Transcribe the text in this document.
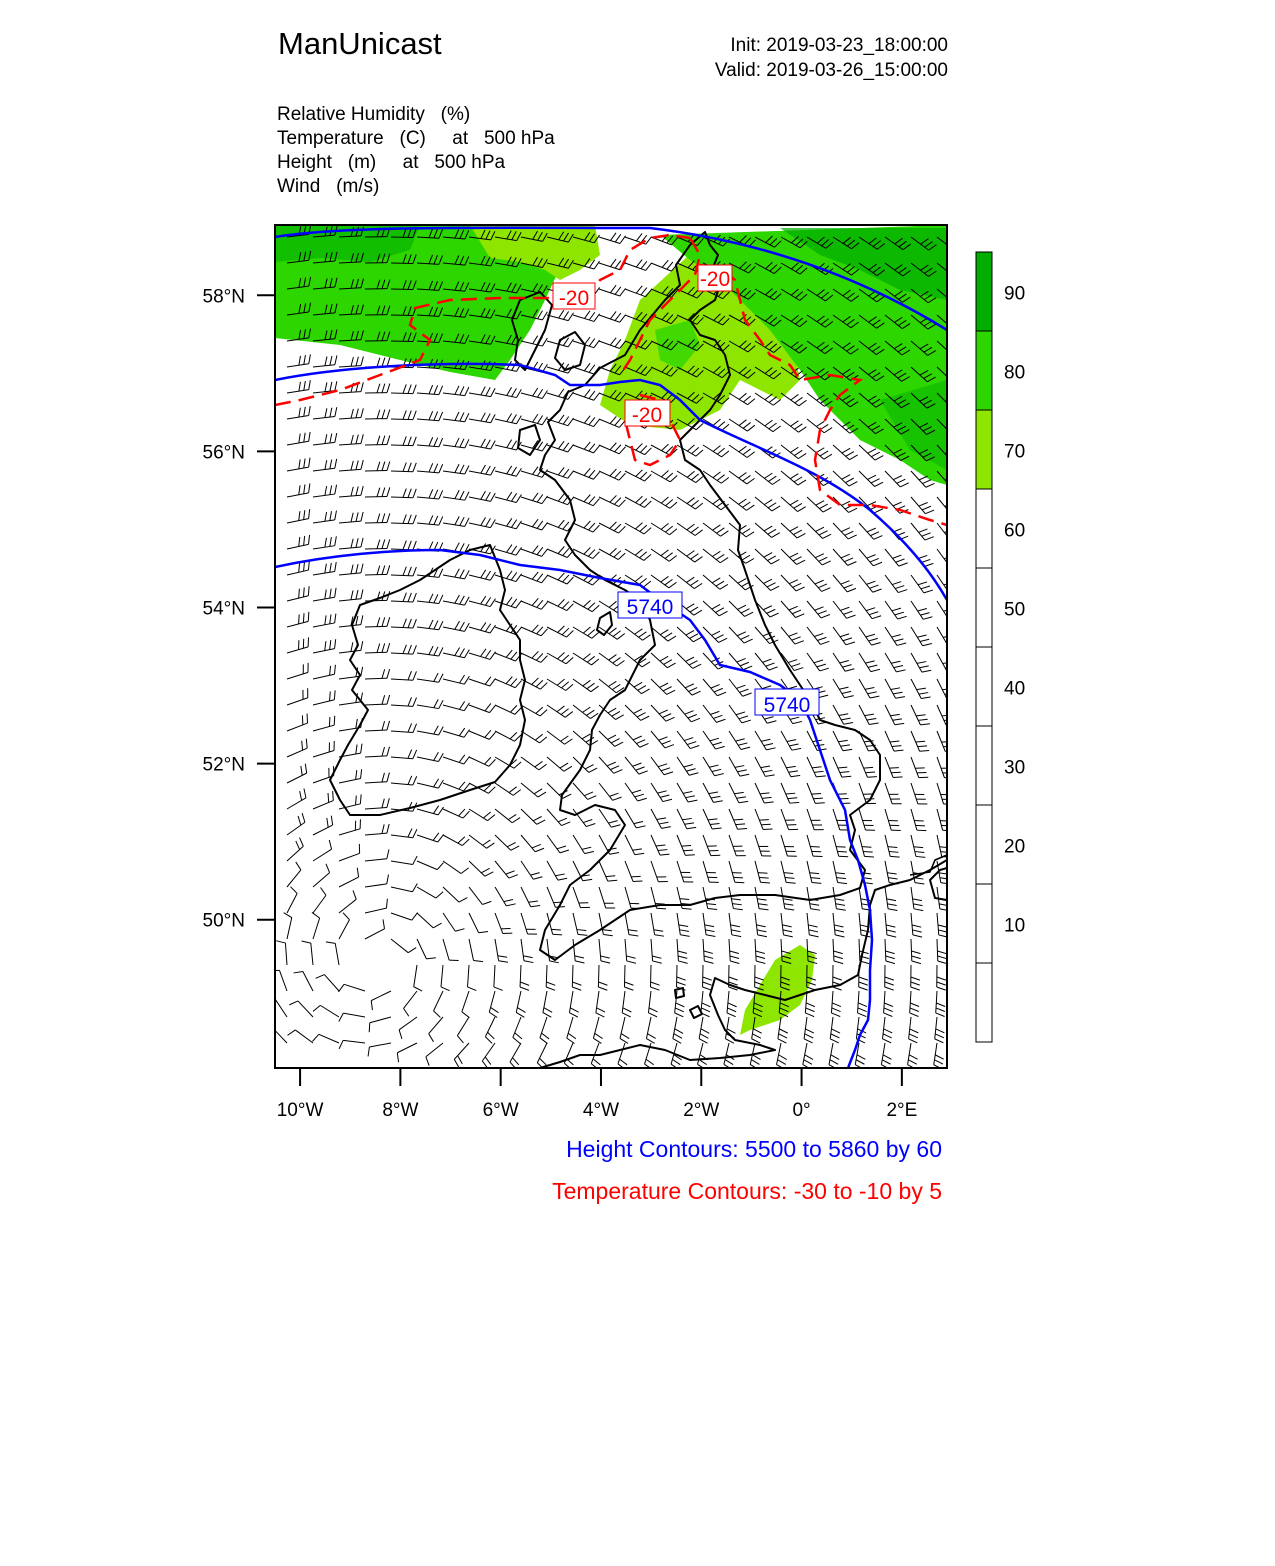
ManUnicast	Init: 2019-03-23_18:00:00
Valid: 2019-03-26_15:00:00
Relative Humidity   (%)
Temperature   (C)     at   500 hPa
Height   (m)     at   500 hPa
Wind   (m/s)
-20
-20
-20
5740
5740
58°N
56°N
54°N
52°N
50°N
10°W	8°W	6°W	4°W	2°W	0°	2°E
90
80
70
60
50
40
30
20
10
Height Contours: 5500 to 5860 by 60
Temperature Contours: -30 to -10 by 5
